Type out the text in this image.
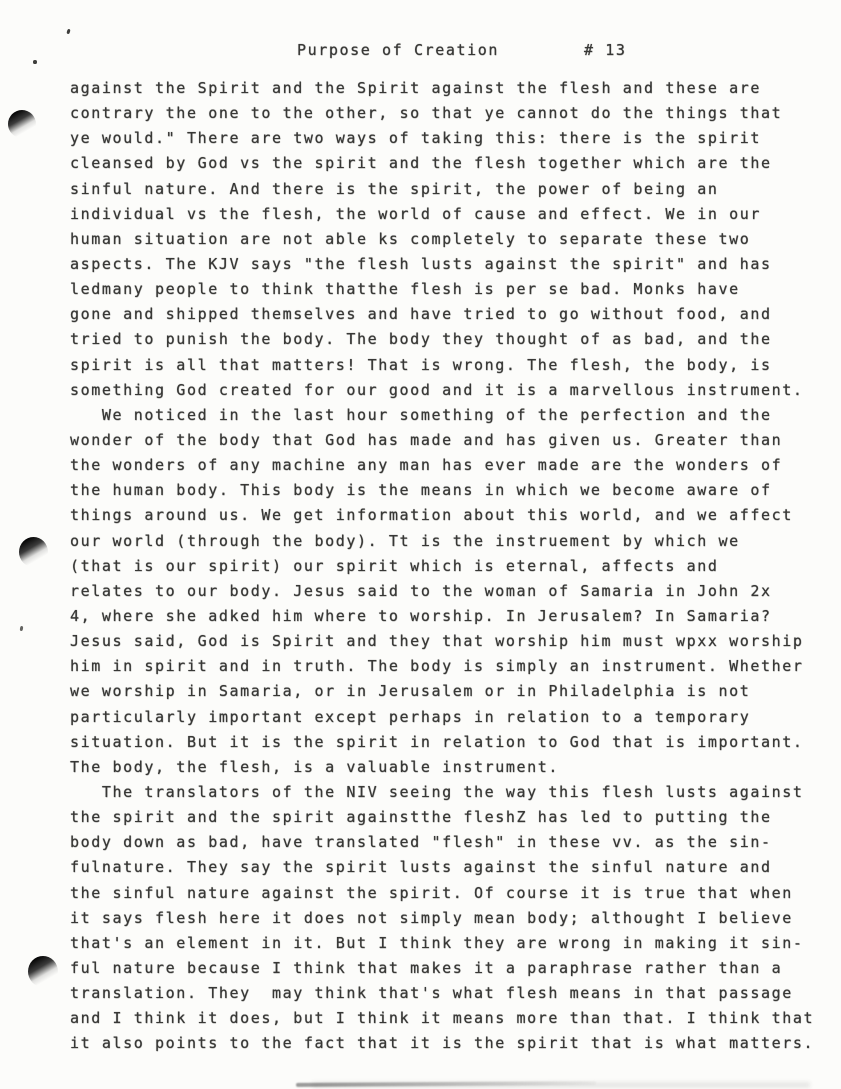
Purpose of Creation	# 13
against the Spirit and the Spirit against the flesh and these are
contrary the one to the other, so that ye cannot do the things that
ye would." There are two ways of taking this: there is the spirit
cleansed by God vs the spirit and the flesh together which are the
sinful nature. And there is the spirit, the power of being an
individual vs the flesh, the world of cause and effect. We in our
human situation are not able ks completely to separate these two
aspects. The KJV says "the flesh lusts against the spirit" and has
ledmany people to think thatthe flesh is per se bad. Monks have
gone and shipped themselves and have tried to go without food, and
tried to punish the body. The body they thought of as bad, and the
spirit is all that matters! That is wrong. The flesh, the body, is
something God created for our good and it is a marvellous instrument.
We noticed in the last hour something of the perfection and the
wonder of the body that God has made and has given us. Greater than
the wonders of any machine any man has ever made are the wonders of
the human body. This body is the means in which we become aware of
things around us. We get information about this world, and we affect
our world (through the body). Tt is the instruement by which we
(that is our spirit) our spirit which is eternal, affects and
relates to our body. Jesus said to the woman of Samaria in John 2x
4, where she adked him where to worship. In Jerusalem? In Samaria?
Jesus said, God is Spirit and they that worship him must wpxx worship
him in spirit and in truth. The body is simply an instrument. Whether
we worship in Samaria, or in Jerusalem or in Philadelphia is not
particularly important except perhaps in relation to a temporary
situation. But it is the spirit in relation to God that is important.
The body, the flesh, is a valuable instrument.
The translators of the NIV seeing the way this flesh lusts against
the spirit and the spirit againstthe fleshZ has led to putting the
body down as bad, have translated "flesh" in these vv. as the sin-
fulnature. They say the spirit lusts against the sinful nature and
the sinful nature against the spirit. Of course it is true that when
it says flesh here it does not simply mean body; althought I believe
that's an element in it. But I think they are wrong in making it sin-
ful nature because I think that makes it a paraphrase rather than a
translation. They  may think that's what flesh means in that passage
and I think it does, but I think it means more than that. I think that
it also points to the fact that it is the spirit that is what matters.
